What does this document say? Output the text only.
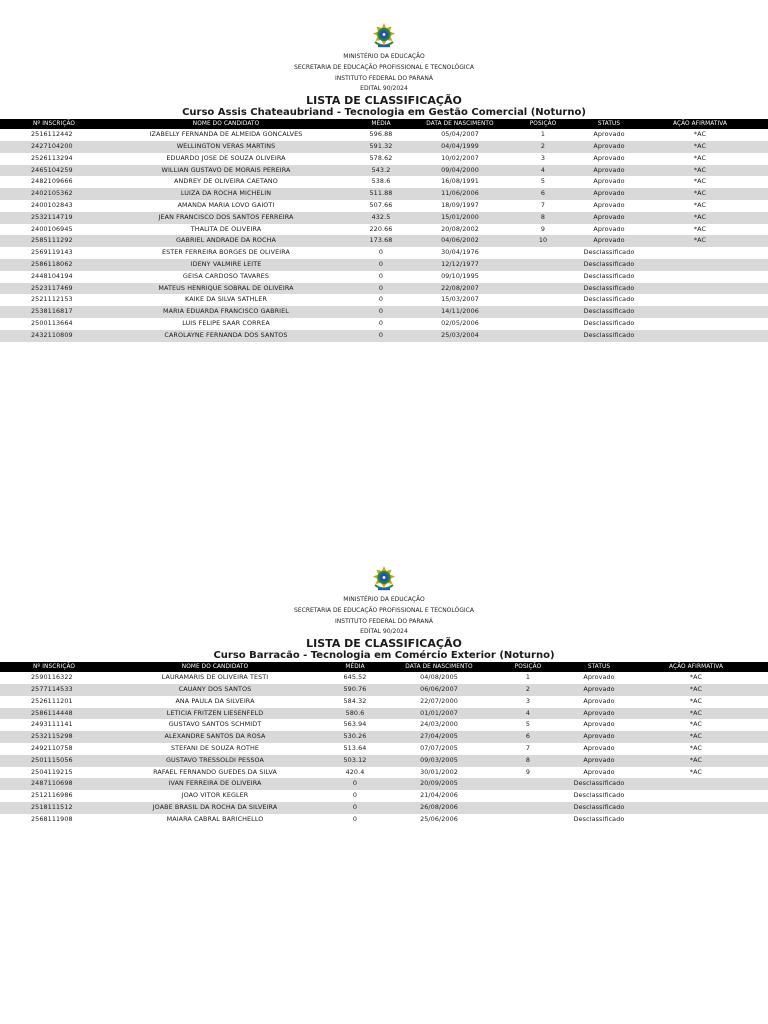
MINISTÉRIO DA EDUCAÇÃO
SECRETARIA DE EDUCAÇÃO PROFISSIONAL E TECNOLÓGICA
INSTITUTO FEDERAL DO PARANÁ
EDITAL 90/2024
LISTA DE CLASSIFICAÇÃO
Curso Assis Chateaubriand - Tecnologia em Gestão Comercial (Noturno)
Nº INSCRIÇÃO	NOME DO CANDIDATO	MÉDIA	DATA DE NASCIMENTO	POSIÇÃO	STATUS	AÇÃO AFIRMATIVA
2516112442	IZABELLY FERNANDA DE ALMEIDA GONCALVES	596.88	05/04/2007	1	Aprovado	*AC
2427104200	WELLINGTON VERAS MARTINS	591.32	04/04/1999	2	Aprovado	*AC
2526113294	EDUARDO JOSE DE SOUZA OLIVEIRA	578.62	10/02/2007	3	Aprovado	*AC
2465104259	WILLIAN GUSTAVO DE MORAIS PEREIRA	543.2	09/04/2000	4	Aprovado	*AC
2482109666	ANDREY DE OLIVEIRA CAETANO	538.6	16/08/1991	5	Aprovado	*AC
2402105362	LUIZA DA ROCHA MICHELIN	511.88	11/06/2006	6	Aprovado	*AC
2400102843	AMANDA MARIA LOVO GAIOTI	507.66	18/09/1997	7	Aprovado	*AC
2532114719	JEAN FRANCISCO DOS SANTOS FERREIRA	432.5	15/01/2000	8	Aprovado	*AC
2400106945	THALITA DE OLIVEIRA	220.66	20/08/2002	9	Aprovado	*AC
2585111292	GABRIEL ANDRADE DA ROCHA	173.68	04/06/2002	10	Aprovado	*AC
2569119143	ESTER FERREIRA BORGES DE OLIVEIRA	0	30/04/1976	Desclassificado
2586118062	IDENY VALMIRE LEITE	0	12/12/1977	Desclassificado
2448104194	GEISA CARDOSO TAVARES	0	09/10/1995	Desclassificado
2523117469	MATEUS HENRIQUE SOBRAL DE OLIVEIRA	0	22/08/2007	Desclassificado
2521112153	KAIKE DA SILVA SATHLER	0	15/03/2007	Desclassificado
2538116817	MARIA EDUARDA FRANCISCO GABRIEL	0	14/11/2006	Desclassificado
2500113664	LUIS FELIPE SAAR CORREA	0	02/05/2006	Desclassificado
2432110809	CAROLAYNE FERNANDA DOS SANTOS	0	25/03/2004	Desclassificado
MINISTÉRIO DA EDUCAÇÃO
SECRETARIA DE EDUCAÇÃO PROFISSIONAL E TECNOLÓGICA
INSTITUTO FEDERAL DO PARANÁ
EDITAL 90/2024
LISTA DE CLASSIFICAÇÃO
Curso Barracão - Tecnologia em Comércio Exterior (Noturno)
Nº INSCRIÇÃO	NOME DO CANDIDATO	MÉDIA	DATA DE NASCIMENTO	POSIÇÃO	STATUS	AÇÃO AFIRMATIVA
2590116322	LAURAMARIS DE OLIVEIRA TESTI	645.52	04/08/2005	1	Aprovado	*AC
2577114533	CAUANY DOS SANTOS	590.76	06/06/2007	2	Aprovado	*AC
2526111201	ANA PAULA DA SILVEIRA	584.32	22/07/2000	3	Aprovado	*AC
2586114448	LETICIA FRITZEN LIESENFELD	580.6	01/01/2007	4	Aprovado	*AC
2493111141	GUSTAVO SANTOS SCHMIDT	563.94	24/03/2000	5	Aprovado	*AC
2532115298	ALEXANDRE SANTOS DA ROSA	530.26	27/04/2005	6	Aprovado	*AC
2492110758	STEFANI DE SOUZA ROTHE	513.64	07/07/2005	7	Aprovado	*AC
2501115056	GUSTAVO TRESSOLDI PESSOA	503.12	09/03/2005	8	Aprovado	*AC
2504119215	RAFAEL FERNANDO GUEDES DA SILVA	420.4	30/01/2002	9	Aprovado	*AC
2487110698	IVAN FERREIRA DE OLIVEIRA	0	20/09/2005	Desclassificado
2512116986	JOAO VITOR KEGLER	0	21/04/2006	Desclassificado
2518111512	JOABE BRASIL DA ROCHA DA SILVEIRA	0	26/08/2006	Desclassificado
2568111908	MAIARA CABRAL BARICHELLO	0	25/06/2006	Desclassificado
